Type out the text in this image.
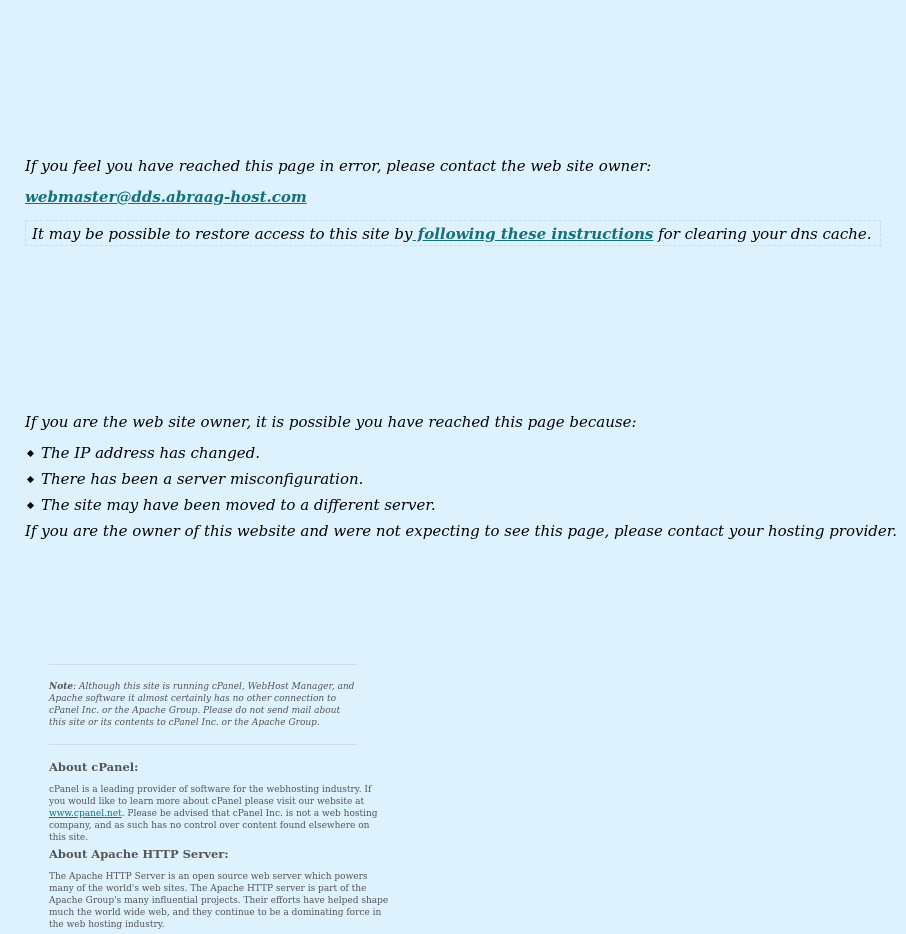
If you feel you have reached this page in error, please contact the web site owner:
webmaster@dds.abraag-host.com
It may be possible to restore access to this site by following these instructions for clearing your dns cache.
If you are the web site owner, it is possible you have reached this page because:
The IP address has changed.
There has been a server misconfiguration.
The site may have been moved to a different server.
If you are the owner of this website and were not expecting to see this page, please contact your hosting provider.
Note: Although this site is running cPanel, WebHost Manager, and Apache software it almost certainly has no other connection to cPanel Inc. or the Apache Group. Please do not send mail about this site or its contents to cPanel Inc. or the Apache Group.
About cPanel:
cPanel is a leading provider of software for the webhosting industry. If you would like to learn more about cPanel please visit our website at www.cpanel.net. Please be advised that cPanel Inc. is not a web hosting company, and as such has no control over content found elsewhere on this site.
About Apache HTTP Server:
The Apache HTTP Server is an open source web server which powers many of the world's web sites. The Apache HTTP server is part of the Apache Group's many influential projects. Their efforts have helped shape much the world wide web, and they continue to be a dominating force in the web hosting industry.
